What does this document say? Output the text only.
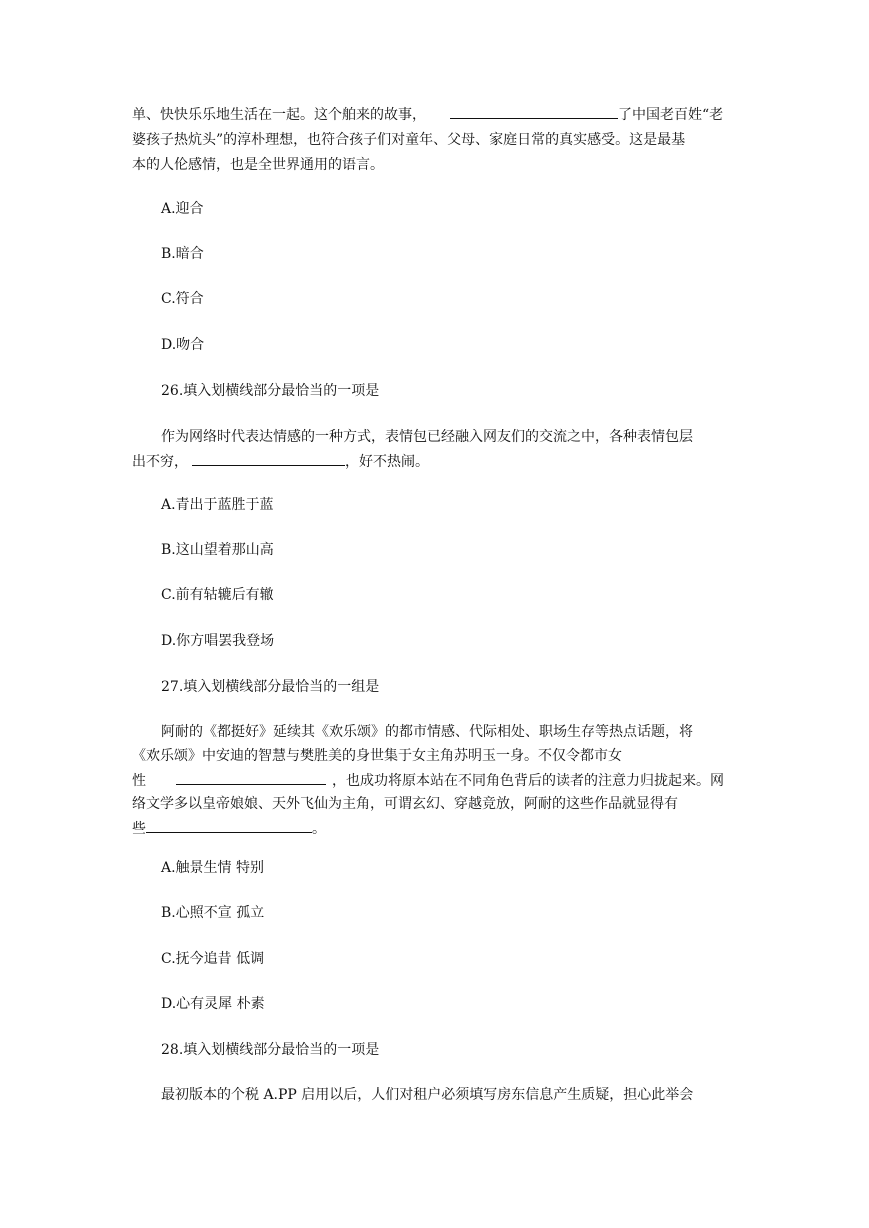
单、快快乐乐地生活在一起。这个舶来的故事，	了中国老百姓“老
婆孩子热炕头”的淳朴理想，也符合孩子们对童年、父母、家庭日常的真实感受。这是最基
本的人伦感情，也是全世界通用的语言。
A.迎合
B.暗合
C.符合
D.吻合
26.填入划横线部分最恰当的一项是
作为网络时代表达情感的一种方式，表情包已经融入网友们的交流之中，各种表情包层
出不穷，	，好不热闹。
A.青出于蓝胜于蓝
B.这山望着那山高
C.前有轱辘后有辙
D.你方唱罢我登场
27.填入划横线部分最恰当的一组是
阿耐的《都挺好》延续其《欢乐颂》的都市情感、代际相处、职场生存等热点话题，将
《欢乐颂》中安迪的智慧与樊胜美的身世集于女主角苏明玉一身。不仅令都市女
性	，也成功将原本站在不同角色背后的读者的注意力归拢起来。网
络文学多以皇帝娘娘、天外飞仙为主角，可谓玄幻、穿越竞放，阿耐的这些作品就显得有
些	。
A.触景生情 特别
B.心照不宣 孤立
C.抚今追昔 低调
D.心有灵犀 朴素
28.填入划横线部分最恰当的一项是
最初版本的个税 A.PP 启用以后，人们对租户必须填写房东信息产生质疑，担心此举会
